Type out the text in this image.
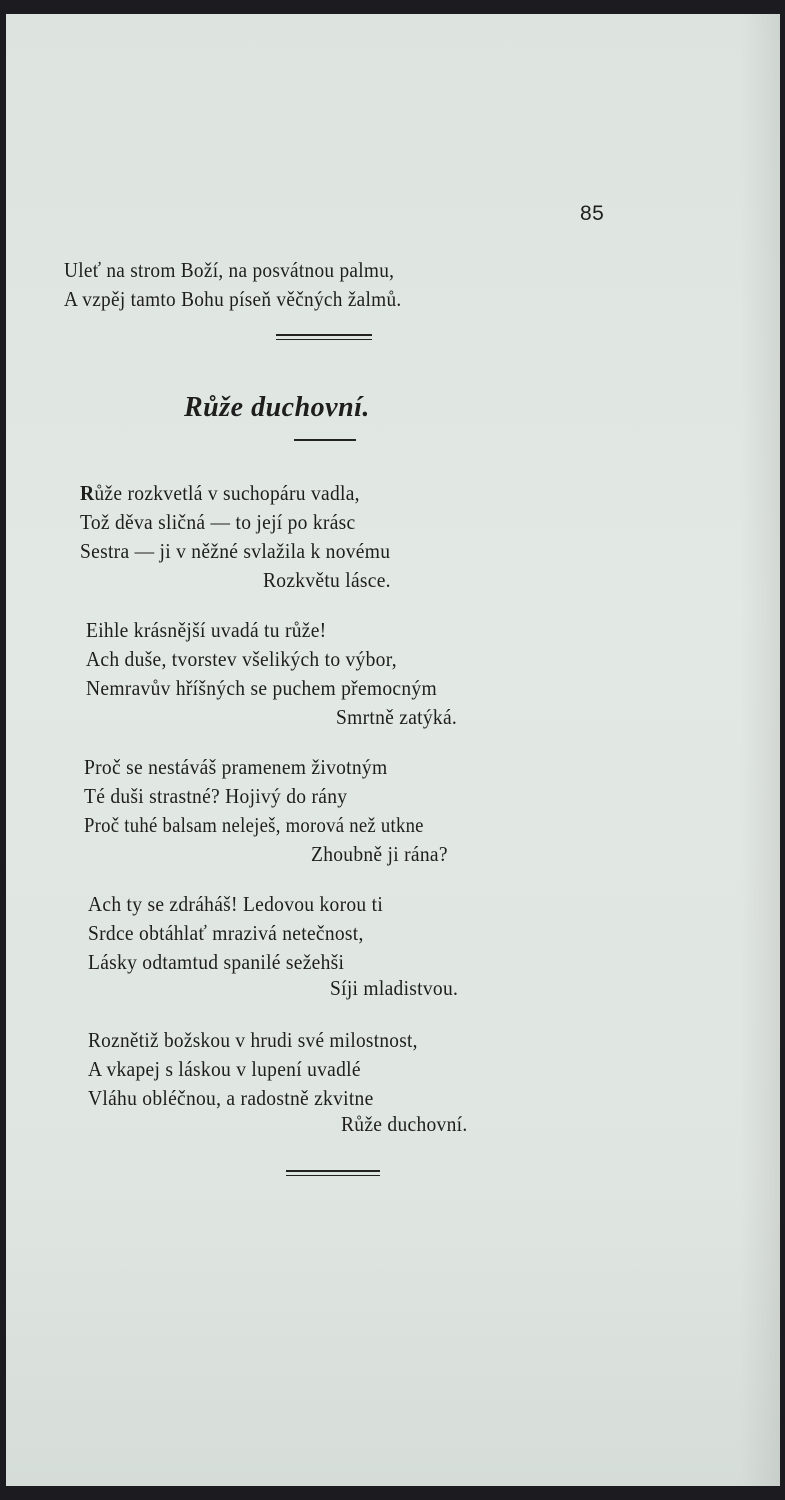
85
Uleť na strom Boží, na posvátnou palmu,
A vzpěj tamto Bohu píseň věčných žalmů.
Růže duchovní.
Růže rozkvetlá v suchopáru vadla,
Tož děva sličná — to její po krásc
Sestra — ji v něžné svlažila k novému
Rozkvětu lásce.
Eihle krásnější uvadá tu růže!
Ach duše, tvorstev všelikých to výbor,
Nemravův hříšných se puchem přemocným
Smrtně zatýká.
Proč se nestáváš pramenem životným
Té duši strastné? Hojivý do rány
Proč tuhé balsam neleješ, morová než utkne
Zhoubně ji rána?
Ach ty se zdráháš! Ledovou korou ti
Srdce obtáhlať mrazivá netečnost,
Lásky odtamtud spanilé sežehši
Síji mladistvou.
Roznětiž božskou v hrudi své milostnost,
A vkapej s láskou v lupení uvadlé
Vláhu obléčnou, a radostně zkvitne
Růže duchovní.
